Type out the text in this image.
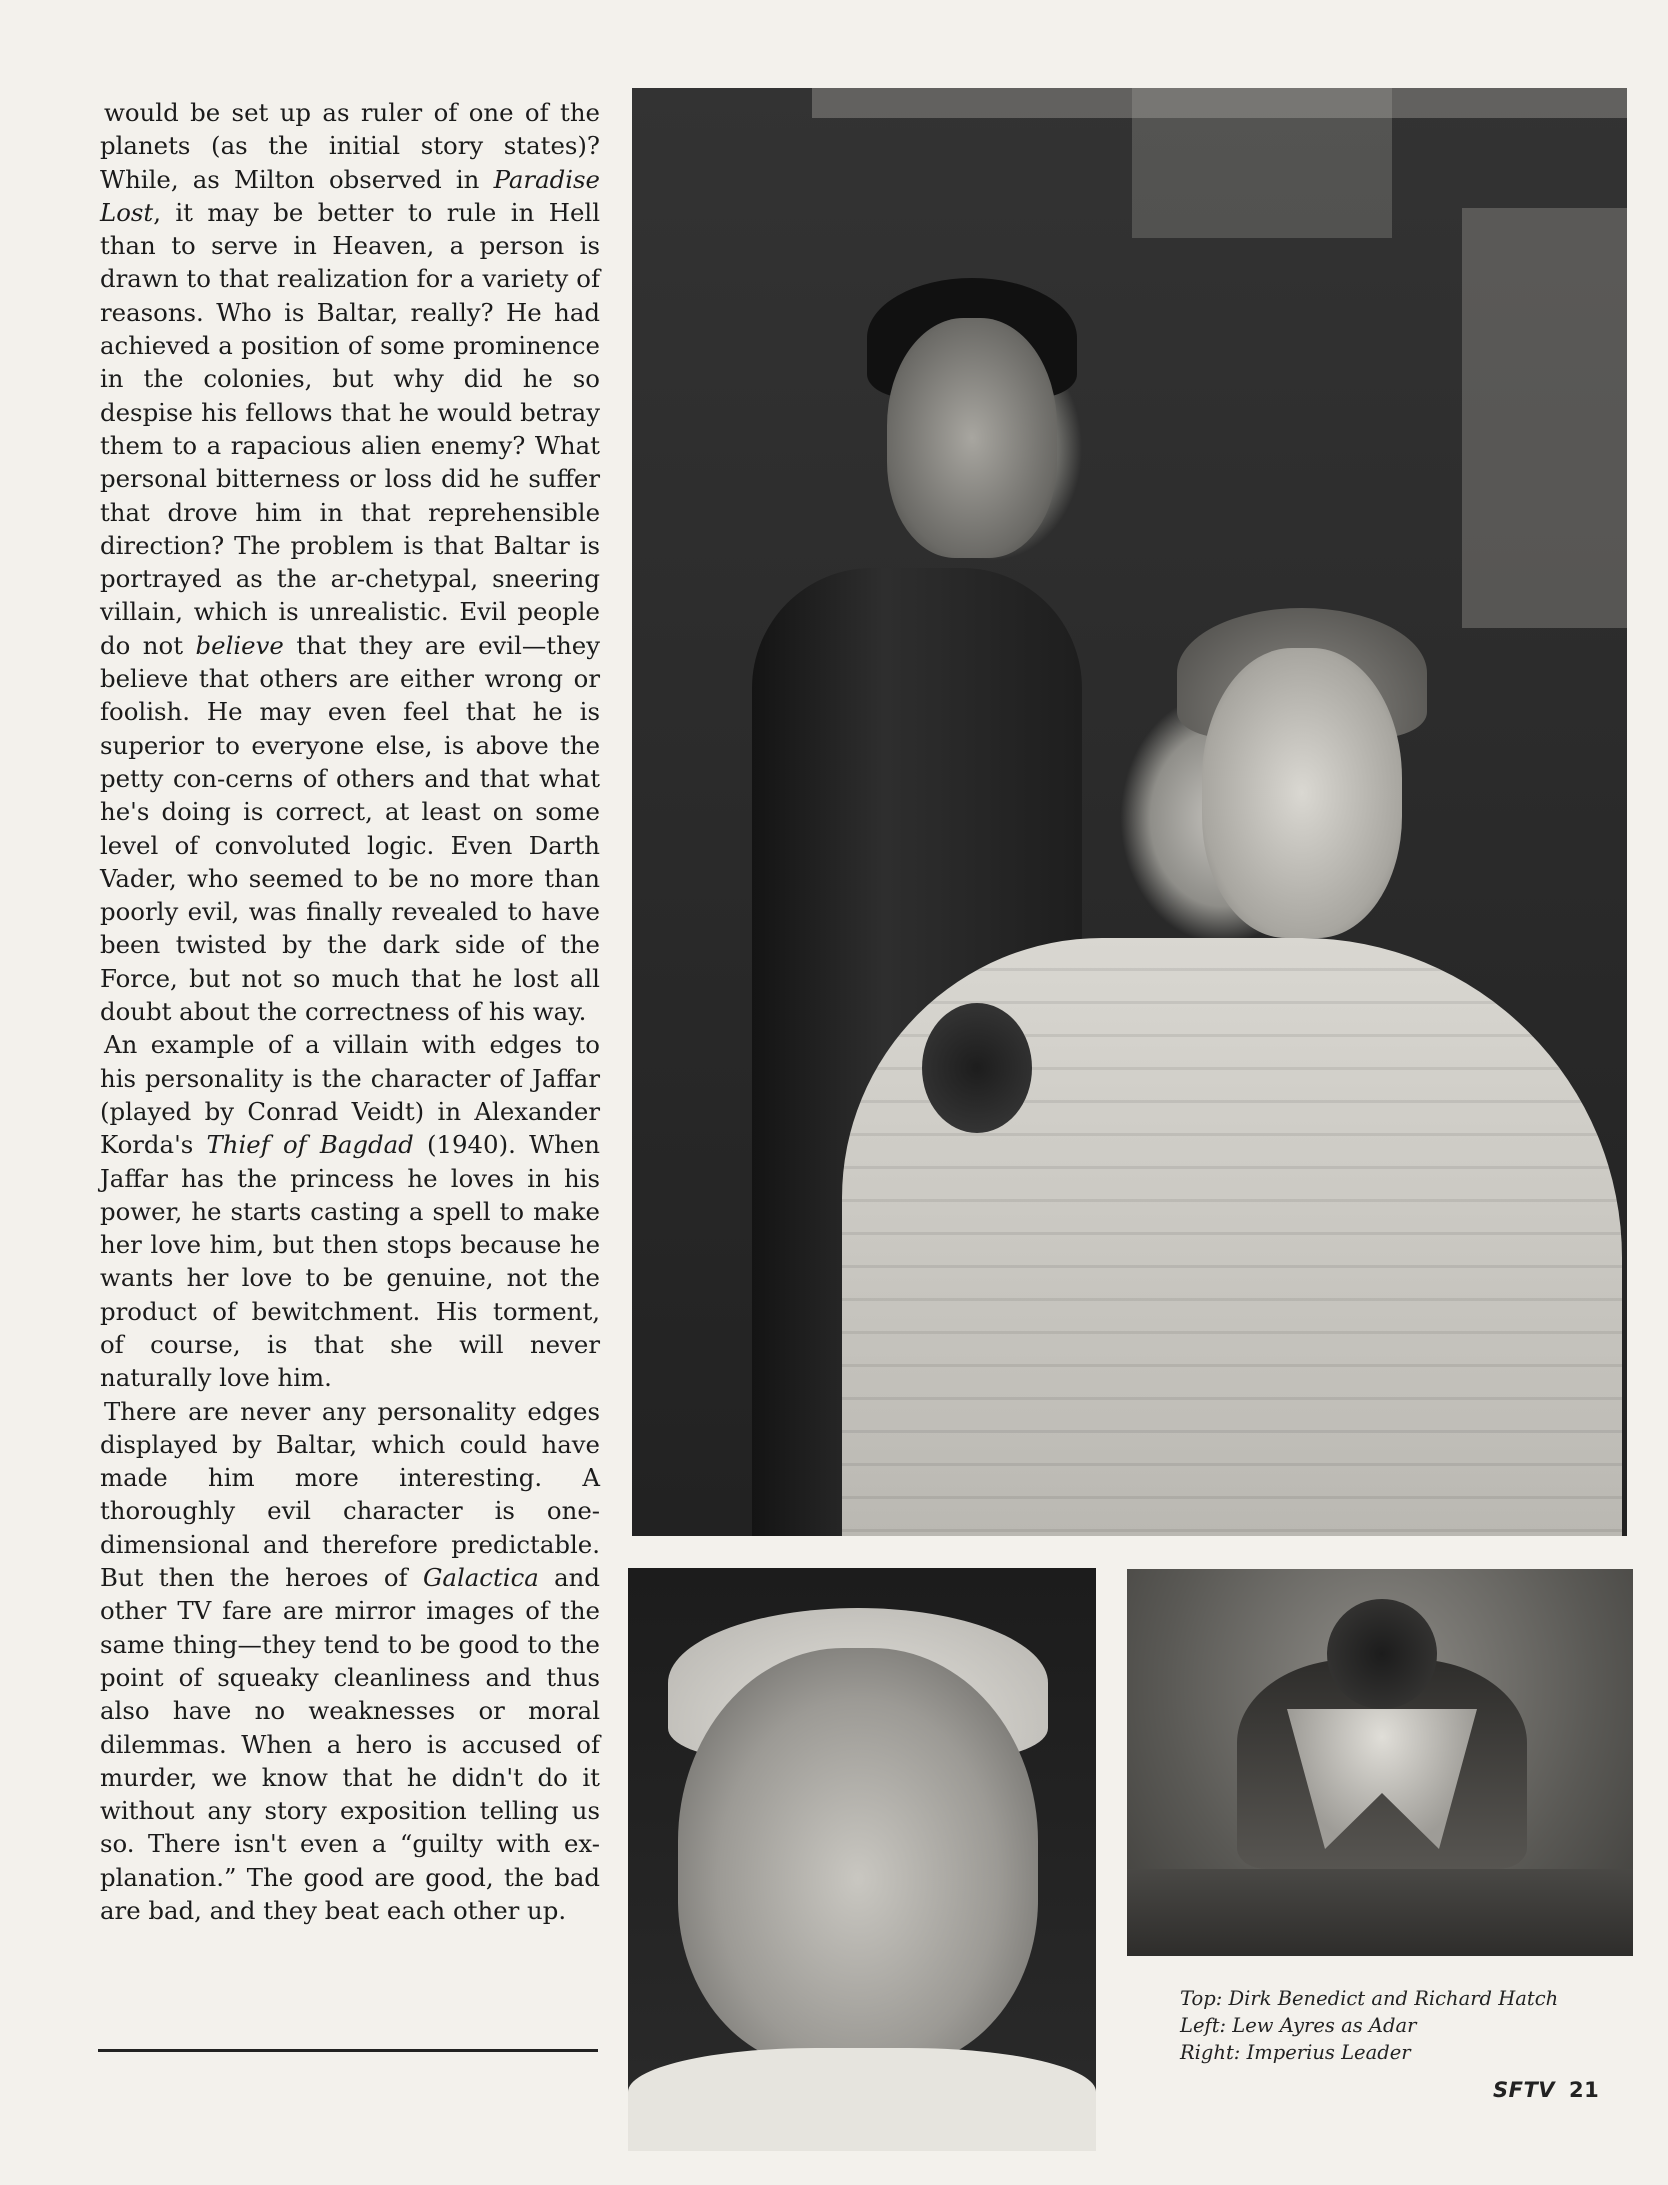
would be set up as ruler of one of the planets (as the initial story states)? While, as Milton observed in Paradise Lost, it may be better to rule in Hell than to serve in Heaven, a person is drawn to that realization for a variety of reasons. Who is Baltar, really? He had achieved a position of some prominence in the colonies, but why did he so despise his fellows that he would betray them to a rapacious alien enemy? What personal bitterness or loss did he suffer that drove him in that reprehensible direction? The problem is that Baltar is portrayed as the ar-chetypal, sneering villain, which is unrealistic. Evil people do not believe that they are evil—they believe that others are either wrong or foolish. He may even feel that he is superior to everyone else, is above the petty con-cerns of others and that what he's doing is correct, at least on some level of convoluted logic. Even Darth Vader, who seemed to be no more than poorly evil, was finally revealed to have been twisted by the dark side of the Force, but not so much that he lost all doubt about the correctness of his way.

An example of a villain with edges to his personality is the character of Jaffar (played by Conrad Veidt) in Alexander Korda's Thief of Bagdad (1940). When Jaffar has the princess he loves in his power, he starts casting a spell to make her love him, but then stops because he wants her love to be genuine, not the product of bewitchment. His torment, of course, is that she will never naturally love him.

There are never any personality edges displayed by Baltar, which could have made him more interesting. A thoroughly evil character is one-dimensional and therefore predictable. But then the heroes of Galactica and other TV fare are mirror images of the same thing—they tend to be good to the point of squeaky cleanliness and thus also have no weaknesses or moral dilemmas. When a hero is accused of murder, we know that he didn't do it without any story exposition telling us so. There isn't even a “guilty with ex-planation.” The good are good, the bad are bad, and they beat each other up.

Top: Dirk Benedict and Richard Hatch
Left: Lew Ayres as Adar
Right: Imperius Leader
SFTV 21
